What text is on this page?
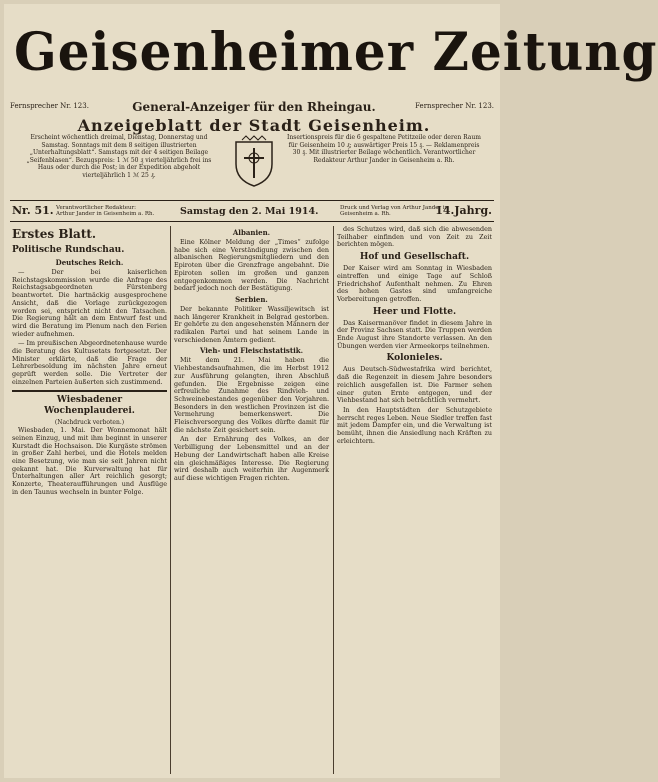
Geisenheimer Zeitung
Fernsprecher Nr. 123.	Fernsprecher Nr. 123.
General-Anzeiger für den Rheingau.
Anzeigeblatt der Stadt Geisenheim.
Erscheint wöchentlich dreimal, Dienstag, Donnerstag und Samstag. Sonntags mit dem 8 seitigen illustrierten „Unterhaltungsblatt“. Samstags mit der 4 seitigen Beilage „Seifenblasen“. Bezugspreis: 1 ℳ 50 ₰ vierteljährlich frei ins Haus oder durch die Post; in der Expedition abgeholt vierteljährlich 1 ℳ 25 ₰.
Insertionspreis für die 6 gespaltene Petitzeile oder deren Raum für Geisenheim 10 ₰; auswärtiger Preis 15 ₰. — Reklamenpreis 30 ₰. Mit illustrierter Beilage wöchentlich. Verantwortlicher Redakteur Arthur Jander in Geisenheim a. Rh.
Nr. 51. Verantwortlicher Redakteur: Arthur Jander in Geisenheim a. Rh.	Samstag den 2. Mai 1914.	Druck und Verlag von Arthur Jander in Geisenheim a. Rh.	14.Jahrg.
Erstes Blatt.
Politische Rundschau.
Deutsches Reich.

— Der bei kaiserlichen Reichstagskommission wurde die Anfrage des Reichstagsabgeordneten Fürstenberg beantwortet. Die hartnäckig ausgesprochene Ansicht, daß die Vorlage zurückgezogen worden sei, entspricht nicht den Tatsachen. Die Regierung hält an dem Entwurf fest und wird die Beratung im Plenum nach den Ferien wieder aufnehmen.

— Im preußischen Abgeordnetenhause wurde die Beratung des Kultusetats fortgesetzt. Der Minister erklärte, daß die Frage der Lehrerbesoldung im nächsten Jahre erneut geprüft werden solle. Die Vertreter der einzelnen Parteien äußerten sich zustimmend.

Wiesbadener Wochenplauderei.
(Nachdruck verboten.)

Wiesbaden, 1. Mai. Der Wonnemonat hält seinen Einzug, und mit ihm beginnt in unserer Kurstadt die Hochsaison. Die Kurgäste strömen in großer Zahl herbei, und die Hotels melden eine Besetzung, wie man sie seit Jahren nicht gekannt hat. Die Kurverwaltung hat für Unterhaltungen aller Art reichlich gesorgt; Konzerte, Theateraufführungen und Ausflüge in den Taunus wechseln in bunter Folge.

Albanien.

Eine Kölner Meldung der „Times“ zufolge habe sich eine Verständigung zwischen den albanischen Regierungsmitgliedern und den Epiroten über die Grenzfrage angebahnt. Die Epiroten sollen im großen und ganzen entgegenkommen werden. Die Nachricht bedarf jedoch noch der Bestätigung.

Serbien.

Der bekannte Politiker Wassiljewitsch ist nach längerer Krankheit in Belgrad gestorben. Er gehörte zu den angesehensten Männern der radikalen Partei und hat seinem Lande in verschiedenen Ämtern gedient.

Vieh- und Fleischstatistik.

Mit dem 21. Mai haben die Viehbestandsaufnahmen, die im Herbst 1912 zur Ausführung gelangten, ihren Abschluß gefunden. Die Ergebnisse zeigen eine erfreuliche Zunahme des Rindvieh- und Schweinebestandes gegenüber den Vorjahren. Besonders in den westlichen Provinzen ist die Vermehrung bemerkenswert. Die Fleischversorgung des Volkes dürfte damit für die nächste Zeit gesichert sein.

An der Ernährung des Volkes, an der Verbilligung der Lebensmittel und an der Hebung der Landwirtschaft haben alle Kreise ein gleichmäßiges Interesse. Die Regierung wird deshalb auch weiterhin ihr Augenmerk auf diese wichtigen Fragen richten.

des Schutzes wird, daß sich die abwesenden Teilhaber einfinden und von Zeit zu Zeit berichten mögen.

Hof und Gesellschaft.

Der Kaiser wird am Sonntag in Wiesbaden eintreffen und einige Tage auf Schloß Friedrichshof Aufenthalt nehmen. Zu Ehren des hohen Gastes sind umfangreiche Vorbereitungen getroffen.

Heer und Flotte.

Das Kaisermanöver findet in diesem Jahre in der Provinz Sachsen statt. Die Truppen werden Ende August ihre Standorte verlassen. An den Übungen werden vier Armeekorps teilnehmen.

Kolonieles.

Aus Deutsch-Südwestafrika wird berichtet, daß die Regenzeit in diesem Jahre besonders reichlich ausgefallen ist. Die Farmer sehen einer guten Ernte entgegen, und der Viehbestand hat sich beträchtlich vermehrt.

In den Hauptstädten der Schutzgebiete herrscht reges Leben. Neue Siedler treffen fast mit jedem Dampfer ein, und die Verwaltung ist bemüht, ihnen die Ansiedlung nach Kräften zu erleichtern.
